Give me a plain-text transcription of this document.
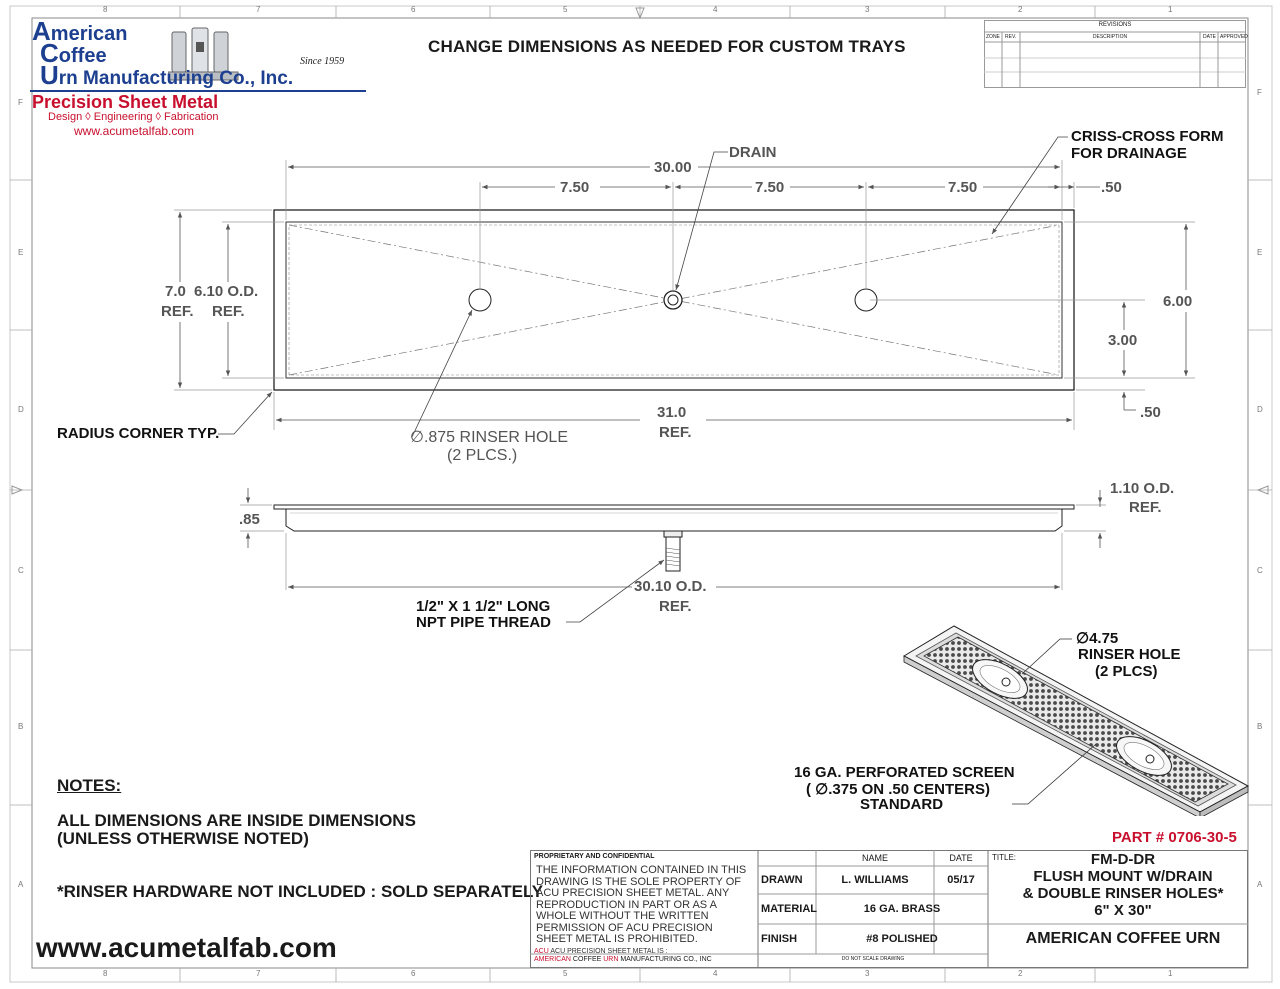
8	7	6	5	4	3	2	1
8	7	6	5	4	3	2	1
F
E
D
C
B
A
F
E
D
C
B
A
American
Coffee
Urn Manufacturing Co., Inc.
Since 1959
Precision Sheet Metal
Design ◊ Engineering ◊ Fabrication
www.acumetalfab.com
CHANGE DIMENSIONS AS NEEDED FOR CUSTOM TRAYS
REVISIONS
ZONE REV.	DESCRIPTION	DATE APPROVED
DRAIN
30.00
7.50	7.50	7.50	.50
CRISS-CROSS FORM
FOR DRAINAGE
7.0
REF.
6.10 O.D.
REF.
6.00
3.00
.50
31.0
REF.
RADIUS CORNER TYP.	∅.875 RINSER HOLE
(2 PLCS.)
.85
1.10 O.D.
REF.
30.10 O.D.
REF.
1/2" X 1 1/2" LONG
NPT PIPE THREAD
∅4.75
RINSER HOLE
(2 PLCS)
16 GA. PERFORATED SCREEN
( ∅.375 ON .50 CENTERS)
STANDARD
NOTES:
ALL DIMENSIONS ARE INSIDE DIMENSIONS
(UNLESS OTHERWISE NOTED)
*RINSER HARDWARE NOT INCLUDED : SOLD SEPARATELY
www.acumetalfab.com
PART # 0706-30-5
PROPRIETARY AND CONFIDENTIAL
THE INFORMATION CONTAINED IN THIS DRAWING IS THE SOLE PROPERTY OF ACU PRECISION SHEET METAL. ANY REPRODUCTION IN PART OR AS A WHOLE WITHOUT THE WRITTEN PERMISSION OF ACU PRECISION SHEET METAL IS PROHIBITED.
ACU ACU PRECISION SHEET METAL IS :
AMERICAN COFFEE URN MANUFACTURING CO., INC
NAME	DATE
DRAWN	L. WILLIAMS	05/17
MATERIAL	16 GA. BRASS
FINISH	#8 POLISHED
DO NOT SCALE DRAWING
TITLE:	FM-D-DR
FLUSH MOUNT W/DRAIN
& DOUBLE RINSER HOLES*
6" X 30"
AMERICAN COFFEE URN
